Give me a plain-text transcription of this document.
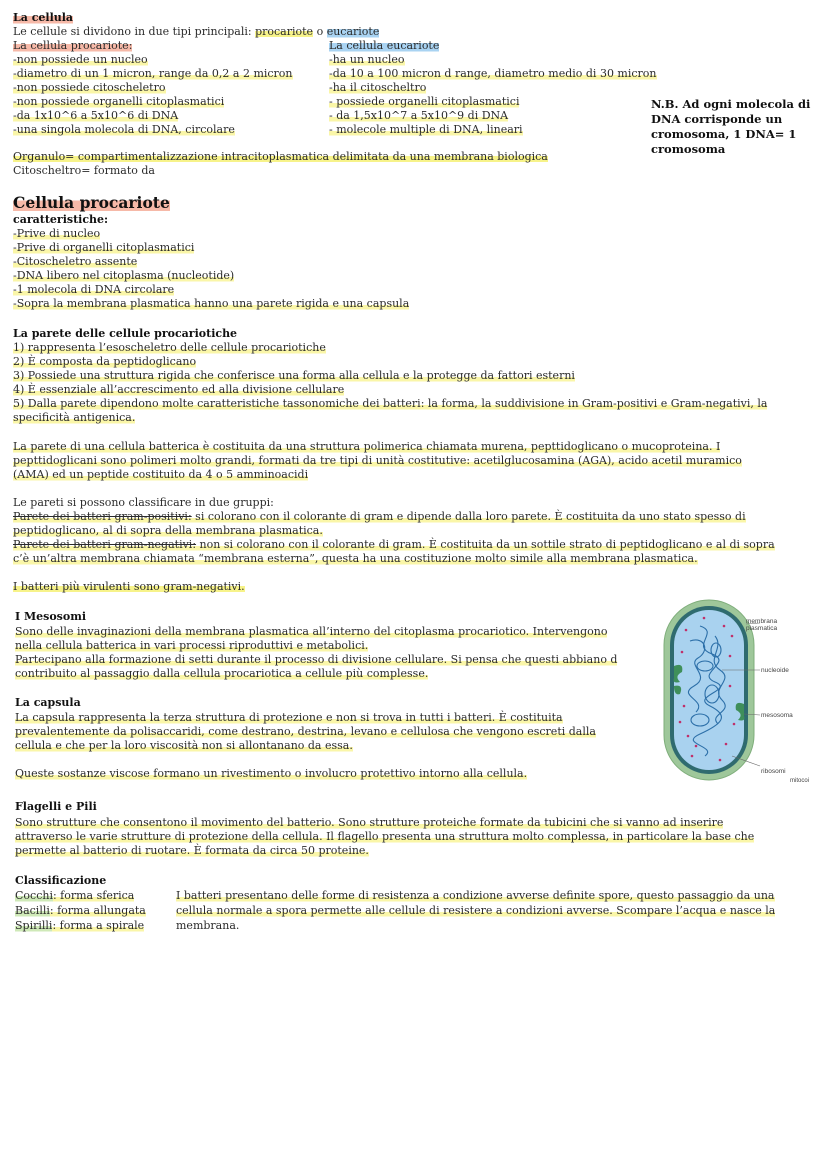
La cellula
Le cellule si dividono in due tipi principali: procariote o eucariote
La cellula procariote:
-non possiede un nucleo
-diametro di un 1 micron, range da 0,2 a 2 micron
-non possiede citoscheletro
-non possiede organelli citoplasmatici
-da 1x10^6 a 5x10^6 di DNA
-una singola molecola di DNA, circolare
La cellula eucariote
-ha un nucleo
-da 10 a 100 micron d range, diametro medio di 30 micron
-ha il citoscheltro
- possiede organelli citoplasmatici
- da 1,5x10^7 a 5x10^9 di DNA
- molecole multiple di DNA, lineari
N.B. Ad ogni molecola di
DNA corrisponde un
cromosoma, 1 DNA= 1
cromosoma
Organulo= compartimentalizzazione intracitoplasmatica delimitata da una membrana biologica
Citoscheltro= formato da
Cellula procariote
caratteristiche:
-Prive di nucleo
-Prive di organelli citoplasmatici
-Citoscheletro assente
-DNA libero nel citoplasma (nucleotide)
-1 molecola di DNA circolare
-Sopra la membrana plasmatica hanno una parete rigida e una capsula
La parete delle cellule procariotiche
1) rappresenta l’esoscheletro delle cellule procariotiche
2) È composta da peptidoglicano
3) Possiede una struttura rigida che conferisce una forma alla cellula e la protegge da fattori esterni
4) È essenziale all’accrescimento ed alla divisione cellulare
5) Dalla parete dipendono molte caratteristiche tassonomiche dei batteri: la forma, la suddivisione in Gram-positivi e Gram-negativi, la
specificità antigenica.
La parete di una cellula batterica è costituita da una struttura polimerica chiamata murena, pepttidoglicano o mucoproteina. I
pepttidoglicani sono polimeri molto grandi, formati da tre tipi di unità costitutive: acetilglucosamina (AGA), acido acetil muramico
(AMA) ed un peptide costituito da 4 o 5 amminoacidi
Le pareti si possono classificare in due gruppi:
Parete dei batteri gram-positivi: si colorano con il colorante di gram e dipende dalla loro parete. È costituita da uno stato spesso di
peptidoglicano, al di sopra della membrana plasmatica.
Parete dei batteri gram-negativi: non si colorano con il colorante di gram. È costituita da un sottile strato di peptidoglicano e al di sopra
c’è un’altra membrana chiamata “membrana esterna”, questa ha una costituzione molto simile alla membrana plasmatica.
I batteri più virulenti sono gram-negativi.
I Mesosomi
Sono delle invaginazioni della membrana plasmatica all’interno del citoplasma procariotico. Intervengono
nella cellula batterica in vari processi riproduttivi e metabolici.
Partecipano alla formazione di setti durante il processo di divisione cellulare. Si pensa che questi abbiano d
contribuito al passaggio dalla cellula procariotica a cellule più complesse.
La capsula
La capsula rappresenta la terza struttura di protezione e non si trova in tutti i batteri. È costituita
prevalentemente da polisaccaridi, come destrano, destrina, levano e cellulosa che vengono escreti dalla
cellula e che per la loro viscosità non si allontanano da essa.
Queste sostanze viscose formano un rivestimento o involucro protettivo intorno alla cellula.
membrana
plasmatica
nucleoide
mesosoma
ribosomi
mitocoi
Flagelli e Pili
Sono strutture che consentono il movimento del batterio. Sono strutture proteiche formate da tubicini che si vanno ad inserire
attraverso le varie strutture di protezione della cellula. Il flagello presenta una struttura molto complessa, in particolare la base che
permette al batterio di ruotare. È formata da circa 50 proteine.
Classificazione
Cocchi: forma sferica
Bacilli: forma allungata
Spirilli: forma a spirale
I batteri presentano delle forme di resistenza a condizione avverse definite spore, questo passaggio da una
cellula normale a spora permette alle cellule di resistere a condizioni avverse. Scompare l’acqua e nasce la
membrana.
